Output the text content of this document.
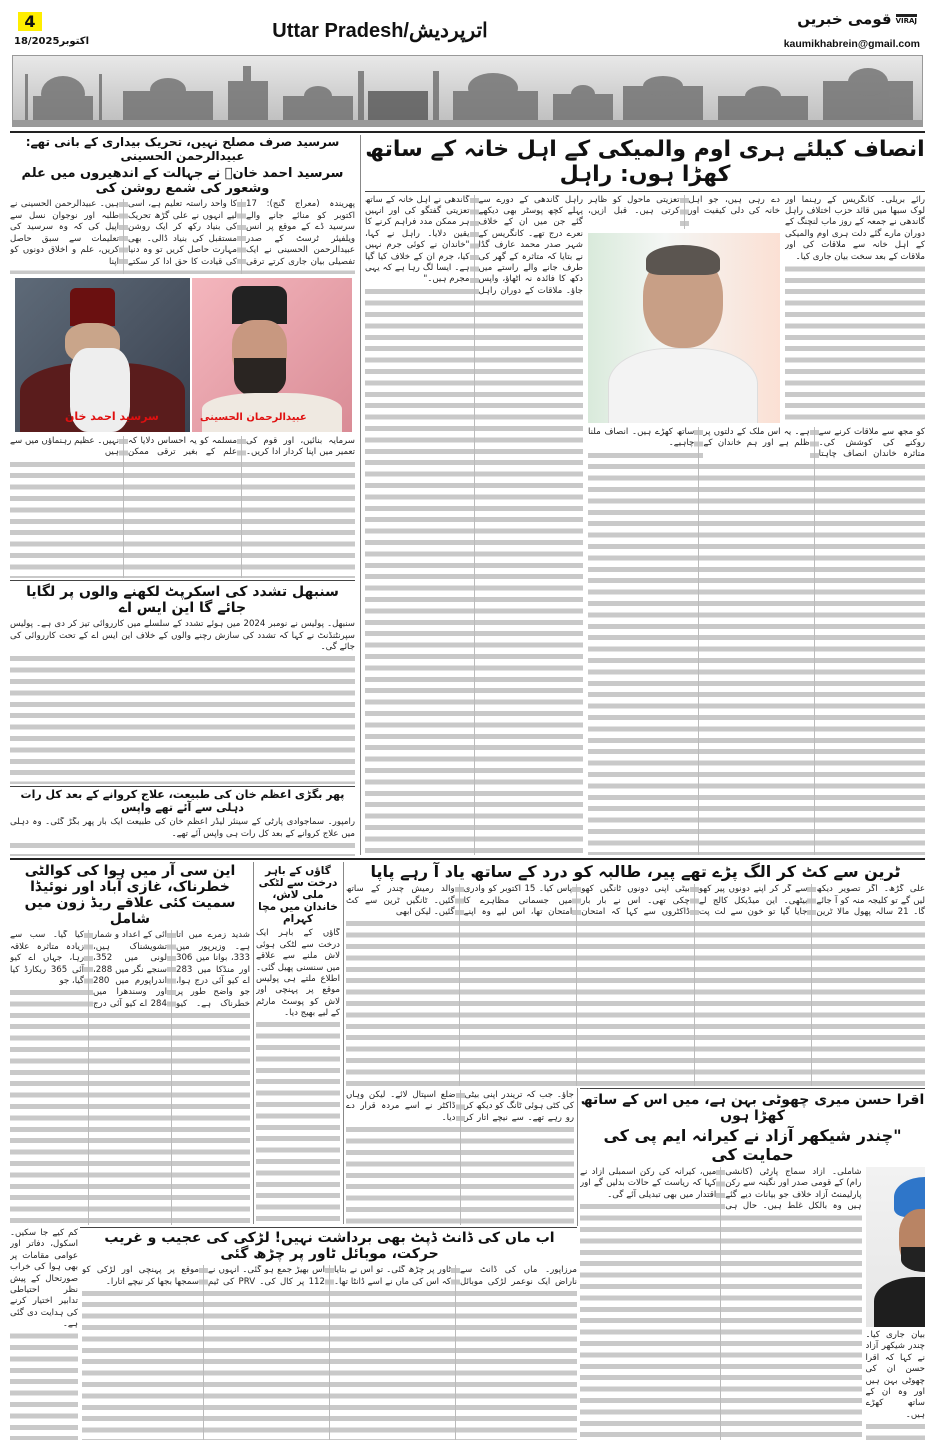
4
18/اکتوبر2025	Uttar Pradesh/اترپردیش
قومی خبریں VIRAJ
kaumikhabrein@gmail.com
سرسید صرف مصلح نہیں، تحریک بیداری کے بانی تھے: عبیدالرحمن الحسینی
سرسید احمد خانؒ نے جہالت کے اندھیروں میں علم وشعور کی شمع روشن کی

پھریندہ (معراج گنج): 17 اکتوبر کو منائے جانے والے سرسید ڈے کے موقع پر انس ویلفیئر ٹرسٹ کے صدر عبیدالرحمن الحسینی نے ایک تفصیلی بیان جاری کرتے ترقی کا واحد راستہ تعلیم ہے، اسی لیے انہوں نے علی گڑھ تحریک کی بنیاد رکھ کر ایک روشن مستقبل کی بنیاد ڈالی۔ بھی مہارت حاصل کریں تو وہ دنیا کی قیادت کا حق ادا کر سکتے ہیں۔ عبیدالرحمن الحسینی نے طلبہ اور نوجوان نسل سے اپیل کی کہ وہ سرسید کی تعلیمات سے سبق حاصل کریں، علم و اخلاق دونوں کو اپنا

سرسید احمد خان	عبیدالرحمان الحسینی

سرمایہ بنائیں، اور قوم کی تعمیر میں اپنا کردار ادا کریں۔ مسلمہ کو یہ احساس دلایا کہ علم کے بغیر ترقی ممکن نہیں۔ عظیم رہنماؤں میں سے ہیں

سنبھل تشدد کی اسکرپٹ لکھنے والوں پر لگایا جائے گا این ایس اے

سنبھل۔ پولیس نے نومبر 2024 میں ہوئے تشدد کے سلسلے میں کارروائی تیز کر دی ہے۔ پولیس سپرنٹنڈنٹ نے کہا کہ تشدد کی سازش رچنے والوں کے خلاف این ایس اے کے تحت کارروائی کی جائے گی۔

پھر بگڑی اعظم خان کی طبیعت، علاج کروانے کے بعد کل رات دہلی سے آئے تھے واپس

رامپور۔ سماجوادی پارٹی کے سینئر لیڈر اعظم خان کی طبیعت ایک بار پھر بگڑ گئی۔ وہ دہلی میں علاج کروانے کے بعد کل رات ہی واپس آئے تھے۔

انصاف کیلئے ہری اوم والمیکی کے اہل خانہ کے ساتھ کھڑا ہوں: راہل

راہل گاندھی کے دورے سے پہلے کچھ پوسٹر بھی دیکھے گئے جن میں ان کے خلاف نعرے درج تھے۔ کانگریس کے شہر صدر محمد عارف گڈا نے بتایا کہ متاثرہ کے گھر کی طرف جانے والے راستے میں دکھ کا فائدہ نہ اٹھاؤ، واپس جاؤ۔ ملاقات کے دوران راہل گاندھی نے اہل خانہ کے ساتھ تعزیتی گفتگو کی اور انہیں ہر ممکن مدد فراہم کرنے کا یقین دلایا۔ راہل نے کہا، "خاندان نے کوئی جرم نہیں کیا، جرم ان کے خلاف کیا گیا ہے۔ ایسا لگ رہا ہے کہ یہی مجرم ہیں۔"

دے رہی ہیں، جو اہل خانہ کی دلی کیفیت اور تعزیتی ماحول کو ظاہر کرتی ہیں۔ قبل ازیں،

رائے بریلی۔ کانگریس کے رہنما اور لوک سبھا میں قائد حزب اختلاف راہل گاندھی نے جمعہ کے روز ماب لنچنگ کے دوران مارے گئے دلت ہری اوم والمیکی کے اہل خانہ سے ملاقات کی اور ملاقات کے بعد سخت بیان جاری کیا۔

کو مجھ سے ملاقات کرنے سے روکنے کی کوشش کی۔ متاثرہ خاندان انصاف چاہتا ہے۔ یہ اس ملک کے دلتوں پر ظلم ہے اور ہم خاندان کے ساتھ کھڑے ہیں۔ انصاف ملنا چاہیے۔

این سی آر میں ہوا کی کوالٹی خطرناک، غازی آباد اور نوئیڈا سمیت کئی علاقے ریڈ زون میں شامل

شدید زمرے میں آتا ہے۔ وزیرپور میں 333، بوانا میں 306 اور منڈکا میں 283 اے کیو آئی درج ہوا، جو واضح طور پر خطرناک ہے۔ کیو آئی کے اعداد و شمار تشویشناک ہیں، لونی میں 352، سنجے نگر میں 288، اندراپورم میں 280 اور وسندھرا میں 284 اے کیو آئی درج کیا گیا۔ سب سے زیادہ متاثرہ علاقہ رہا، جہاں اے کیو آئی 365 ریکارڈ کیا گیا، جو

کم کیے جا سکیں۔ اسکول، دفاتر اور عوامی مقامات پر بھی ہوا کی خراب صورتحال کے پیش نظر احتیاطی تدابیر اختیار کرنے کی ہدایت دی گئی ہے۔

گاؤں کے باہر درخت سے لٹکی ملی لاش، خاندان میں مچا کہرام

گاؤں کے باہر ایک درخت سے لٹکی ہوئی لاش ملنے سے علاقے میں سنسنی پھیل گئی۔ اطلاع ملتے ہی پولیس موقع پر پہنچی اور لاش کو پوسٹ مارٹم کے لیے بھیج دیا۔

ٹرین سے کٹ کر الگ پڑے تھے پیر، طالبہ کو درد کے ساتھ یاد آ رہے پاپا

علی گڑھ۔ اگر تصویر دیکھ لیں گے تو کلیجہ منہ کو آ جائے گا۔ 21 سالہ پھول مالا ٹرین سے گر کر اپنے دونوں پیر کھو بیٹھی۔ این میڈیکل کالج لے جایا گیا تو خون سے لت پت بیٹی اپنی دونوں ٹانگیں کھو چکی تھی۔ اس نے بار بار ڈاکٹروں سے کہا کہ امتحان پاس کیا۔ 15 اکتوبر کو وادری میں جسمانی مظاہرے کا امتحان تھا، اس لیے وہ اپنے والد رمیش چندر کے ساتھ گئیں۔ ٹانگیں ٹرین سے کٹ گئیں۔ لیکن ابھی

جاؤ۔ جب کہ تریندر اپنی بیٹی کی کٹی ہوئی ٹانگ کو دیکھ کر رو رہے تھے۔ سے نیچے اتار کر ضلع اسپتال لائے۔ لیکن وہاں ڈاکٹر نے اسے مردہ قرار دے دیا۔

اقرا حسن میری چھوٹی بہن ہے، میں اس کے ساتھ کھڑا ہوں
"چندر شیکھر آزاد نے کیرانہ ایم پی کی حمایت کی

شاملی۔ آزاد سماج پارٹی (کانشی رام) کے قومی صدر اور نگینہ سے رکن پارلیمنٹ آزاد خلاف جو بیانات دیے گئے ہیں وہ بالکل غلط ہیں۔ حال ہی میں، کیرانہ کی رکن اسمبلی آزاد نے کہا کہ ریاست کے حالات بدلیں گے اور اقتدار میں بھی تبدیلی آئے گی۔

بیان جاری کیا۔ چندر شیکھر آزاد نے کہا کہ اقرا حسن ان کی چھوٹی بہن ہیں اور وہ ان کے ساتھ کھڑے ہیں۔

اب ماں کی ڈانٹ ڈپٹ بھی برداشت نہیں! لڑکی کی عجیب و غریب حرکت، موبائل ٹاور پر چڑھ گئی

مرزاپور۔ ماں کی ڈانٹ سے ناراض ایک نوعمر لڑکی موبائل ٹاور پر چڑھ گئی۔ تو اس نے بتایا کہ اس کی ماں نے اسے ڈانٹا تھا۔ اس بھیڑ جمع ہو گئی۔ انہوں نے 112 پر کال کی۔ PRV کی ٹیم موقع پر پہنچی اور لڑکی کو سمجھا بجھا کر نیچے اتارا۔
